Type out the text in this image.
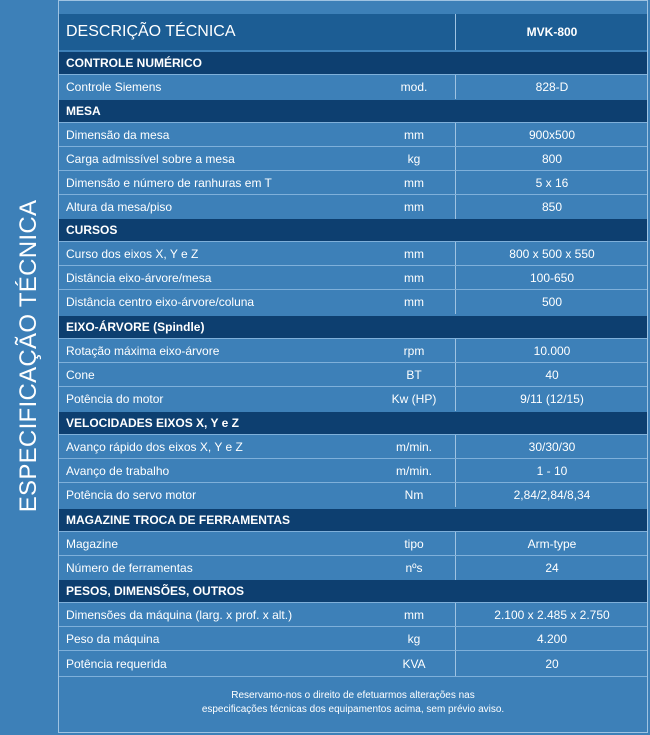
ESPECIFICAÇÃO TÉCNICA
DESCRIÇÃO TÉCNICA	MVK-800
CONTROLE NUMÉRICO
Controle Siemens	mod.	828-D
MESA
Dimensão da mesa	mm	900x500
Carga admissível sobre a mesa	kg	800
Dimensão e número de ranhuras em T	mm	5 x 16
Altura da mesa/piso	mm	850
CURSOS
Curso dos eixos X, Y e Z	mm	800 x 500 x 550
Distância eixo-árvore/mesa	mm	100-650
Distância centro eixo-árvore/coluna	mm	500
EIXO-ÁRVORE (Spindle)
Rotação máxima eixo-árvore	rpm	10.000
Cone	BT	40
Potência do motor	Kw (HP)	9/11 (12/15)
VELOCIDADES EIXOS X, Y e Z
Avanço rápido dos eixos X, Y e Z	m/min.	30/30/30
Avanço de trabalho	m/min.	1 - 10
Potência do servo motor	Nm	2,84/2,84/8,34
MAGAZINE TROCA DE FERRAMENTAS
Magazine	tipo	Arm-type
Número de ferramentas	nºs	24
PESOS, DIMENSÕES, OUTROS
Dimensões da máquina (larg. x prof. x alt.)	mm	2.100 x 2.485 x 2.750
Peso da máquina	kg	4.200
Potência requerida	KVA	20
Reservamo-nos o direito de efetuarmos alterações nas
especificações técnicas dos equipamentos acima, sem prévio aviso.
